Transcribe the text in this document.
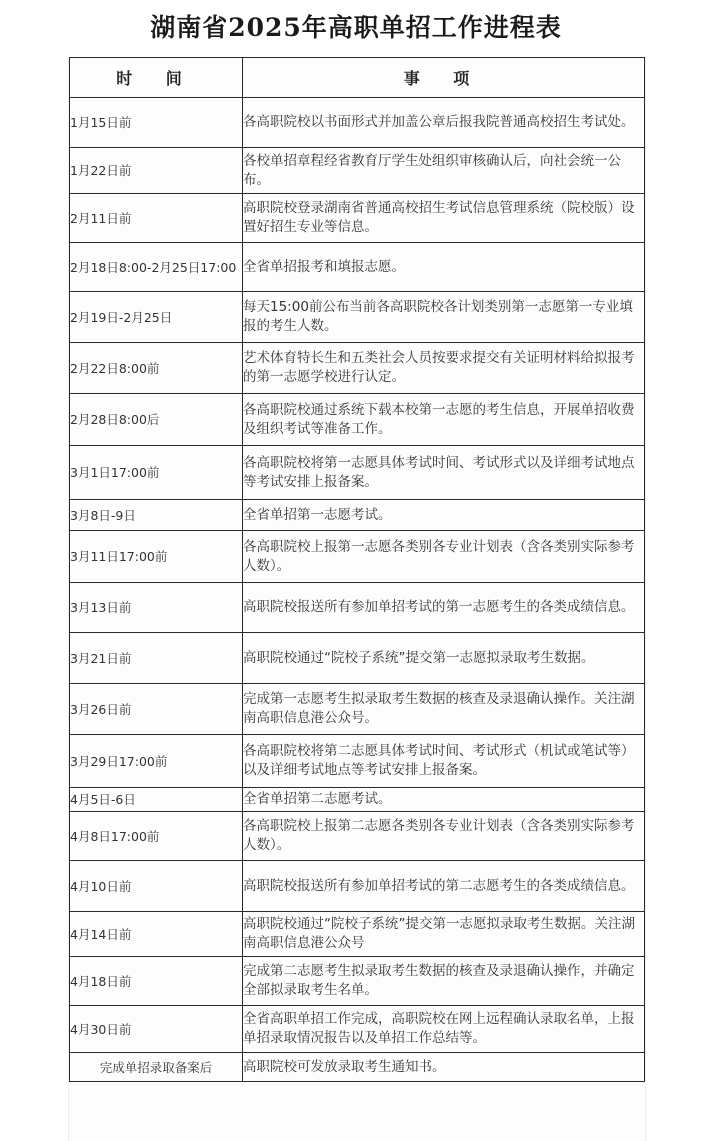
湖南省2025年高职单招工作进程表
时 间	事 项
1月15日前	各高职院校以书面形式并加盖公章后报我院普通高校招生考试处。
1月22日前	各校单招章程经省教育厅学生处组织审核确认后，向社会统一公布。
2月11日前	高职院校登录湖南省普通高校招生考试信息管理系统（院校版）设置好招生专业等信息。
2月18日8:00-2月25日17:00	全省单招报考和填报志愿。
2月19日-2月25日	每天15:00前公布当前各高职院校各计划类别第一志愿第一专业填报的考生人数。
2月22日8:00前	艺术体育特长生和五类社会人员按要求提交有关证明材料给拟报考的第一志愿学校进行认定。
2月28日8:00后	各高职院校通过系统下载本校第一志愿的考生信息，开展单招收费及组织考试等准备工作。
3月1日17:00前	各高职院校将第一志愿具体考试时间、考试形式以及详细考试地点等考试安排上报备案。
3月8日-9日	全省单招第一志愿考试。
3月11日17:00前	各高职院校上报第一志愿各类别各专业计划表（含各类别实际参考人数）。
3月13日前	高职院校报送所有参加单招考试的第一志愿考生的各类成绩信息。
3月21日前	高职院校通过“院校子系统”提交第一志愿拟录取考生数据。
3月26日前	完成第一志愿考生拟录取考生数据的核查及录退确认操作。关注湖南高职信息港公众号。
3月29日17:00前	各高职院校将第二志愿具体考试时间、考试形式（机试或笔试等）以及详细考试地点等考试安排上报备案。
4月5日-6日	全省单招第二志愿考试。
4月8日17:00前	各高职院校上报第二志愿各类别各专业计划表（含各类别实际参考人数）。
4月10日前	高职院校报送所有参加单招考试的第二志愿考生的各类成绩信息。
4月14日前	高职院校通过“院校子系统”提交第一志愿拟录取考生数据。关注湖南高职信息港公众号
4月18日前	完成第二志愿考生拟录取考生数据的核查及录退确认操作，并确定全部拟录取考生名单。
4月30日前	全省高职单招工作完成，高职院校在网上远程确认录取名单，上报单招录取情况报告以及单招工作总结等。
完成单招录取备案后	高职院校可发放录取考生通知书。
